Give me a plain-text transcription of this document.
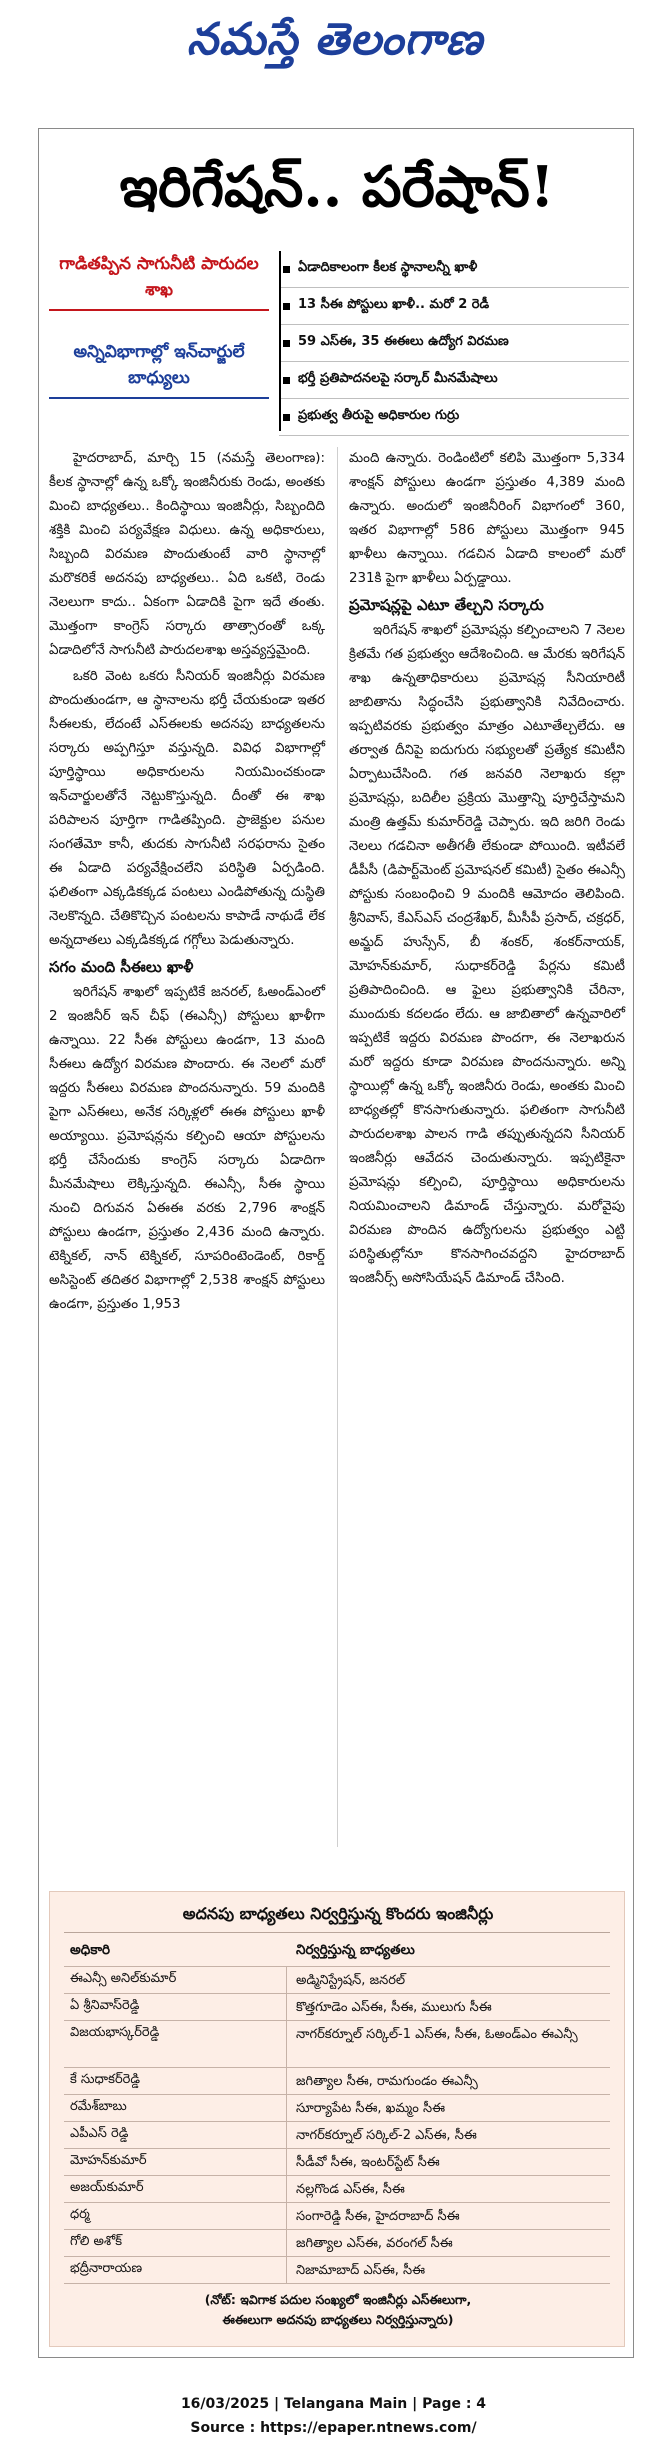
నమస్తే తెలంగాణ
ఇరిగేషన్.. పరేషాన్!
గాడితప్పిన సాగునీటి పారుదల శాఖ
అన్నివిభాగాల్లో ఇన్‌చార్జులే బాధ్యులు
ఏడాదికాలంగా కీలక స్థానాలన్నీ ఖాళీ
13 సీఈ పోస్టులు ఖాళీ.. మరో 2 రెడీ
59 ఎస్‌ఈ, 35 ఈఈలు ఉద్యోగ విరమణ
భర్తీ ప్రతిపాదనలపై సర్కార్ మీనమేషాలు
ప్రభుత్వ తీరుపై అధికారుల గుర్రు

హైదరాబాద్, మార్చి 15 (నమస్తే తెలంగాణ): కీలక స్థానాల్లో ఉన్న ఒక్కో ఇంజినీరుకు రెండు, అంతకు మించి బాధ్యతలు.. కిందిస్థాయి ఇంజినీర్లు, సిబ్బందిది శక్తికి మించి పర్యవేక్షణ విధులు. ఉన్న అధికారులు, సిబ్బంది విరమణ పొందుతుంటే వారి స్థానాల్లో మరొకరికే అదనపు బాధ్యతలు.. ఏది ఒకటి, రెండు నెలలుగా కాదు.. ఏకంగా ఏడాదికి పైగా ఇదే తంతు. మొత్తంగా కాంగ్రెస్ సర్కారు తాత్సారంతో ఒక్క ఏడాదిలోనే సాగునీటి పారుదలశాఖ అస్తవ్యస్తమైంది.

ఒకరి వెంట ఒకరు సీనియర్ ఇంజినీర్లు విరమణ పొందుతుండగా, ఆ స్థానాలను భర్తీ చేయకుండా ఇతర సీఈలకు, లేదంటే ఎస్‌ఈలకు అదనపు బాధ్యతలను సర్కారు అప్పగిస్తూ వస్తున్నది. వివిధ విభాగాల్లో పూర్తిస్థాయి అధికారులను నియమించకుండా ఇన్‌చార్జులతోనే నెట్టుకొస్తున్నది. దీంతో ఈ శాఖ పరిపాలన పూర్తిగా గాడితప్పింది. ప్రాజెక్టుల పనుల సంగతేమో కానీ, తుదకు సాగునీటి సరఫరాను సైతం ఈ ఏడాది పర్యవేక్షించలేని పరిస్థితి ఏర్పడింది. ఫలితంగా ఎక్కడికక్కడ పంటలు ఎండిపోతున్న దుస్థితి నెలకొన్నది. చేతికొచ్చిన పంటలను కాపాడే నాథుడే లేక అన్నదాతలు ఎక్కడికక్కడ గగ్గోలు పెడుతున్నారు.

సగం మంది సీఈలు ఖాళీ

ఇరిగేషన్ శాఖలో ఇప్పటికే జనరల్, ఓఅండ్‌ఎంలో 2 ఇంజినీర్ ఇన్ చీఫ్ (ఈఎన్సీ) పోస్టులు ఖాళీగా ఉన్నాయి. 22 సీఈ పోస్టులు ఉండగా, 13 మంది సీఈలు ఉద్యోగ విరమణ పొందారు. ఈ నెలలో మరో ఇద్దరు సీఈలు విరమణ పొందనున్నారు. 59 మందికి పైగా ఎస్‌ఈలు, అనేక సర్కిళ్లలో ఈఈ పోస్టులు ఖాళీ అయ్యాయి. ప్రమోషన్లను కల్పించి ఆయా పోస్టులను భర్తీ చేసేందుకు కాంగ్రెస్ సర్కారు ఏడాదిగా మీనమేషాలు లెక్కిస్తున్నది. ఈఎన్సీ, సీఈ స్థాయి నుంచి దిగువన ఏఈఈ వరకు 2,796 శాంక్షన్ పోస్టులు ఉండగా, ప్రస్తుతం 2,436 మంది ఉన్నారు. టెక్నికల్, నాన్ టెక్నికల్, సూపరింటెండెంట్, రికార్డ్ అసిస్టెంట్ తదితర విభాగాల్లో 2,538 శాంక్షన్ పోస్టులు ఉండగా, ప్రస్తుతం 1,953

మంది ఉన్నారు. రెండింటిలో కలిపి మొత్తంగా 5,334 శాంక్షన్ పోస్టులు ఉండగా ప్రస్తుతం 4,389 మంది ఉన్నారు. అందులో ఇంజినీరింగ్ విభాగంలో 360, ఇతర విభాగాల్లో 586 పోస్టులు మొత్తంగా 945 ఖాళీలు ఉన్నాయి. గడచిన ఏడాది కాలంలో మరో 231కి పైగా ఖాళీలు ఏర్పడ్డాయి.

ప్రమోషన్లపై ఎటూ తేల్చని సర్కారు

ఇరిగేషన్ శాఖలో ప్రమోషన్లు కల్పించాలని 7 నెలల క్రితమే గత ప్రభుత్వం ఆదేశించింది. ఆ మేరకు ఇరిగేషన్ శాఖ ఉన్నతాధికారులు ప్రమోషన్ల సీనియారిటీ జాబితాను సిద్ధంచేసి ప్రభుత్వానికి నివేదించారు. ఇప్పటివరకు ప్రభుత్వం మాత్రం ఎటూతేల్చలేదు. ఆ తర్వాత దీనిపై ఐదుగురు సభ్యులతో ప్రత్యేక కమిటీని ఏర్పాటుచేసింది. గత జనవరి నెలాఖరు కల్లా ప్రమోషన్లు, బదిలీల ప్రక్రియ మొత్తాన్ని పూర్తిచేస్తామని మంత్రి ఉత్తమ్ కుమార్‌రెడ్డి చెప్పారు. ఇది జరిగి రెండు నెలలు గడచినా అతీగతీ లేకుండా పోయింది. ఇటీవలే డీపీసీ (డిపార్ట్‌మెంట్ ప్రమోషనల్ కమిటీ) సైతం ఈఎన్సీ పోస్టుకు సంబంధించి 9 మందికి ఆమోదం తెలిపింది. శ్రీనివాస్, కేఎస్‌ఎస్ చంద్రశేఖర్, మీసీపీ ప్రసాద్, చక్రధర్, అమ్జద్ హుస్సేన్, బీ శంకర్, శంకర్‌నాయక్, మోహన్‌కుమార్, సుధాకర్‌రెడ్డి పేర్లను కమిటీ ప్రతిపాదించింది. ఆ ఫైలు ప్రభుత్వానికి చేరినా, ముందుకు కదలడం లేదు. ఆ జాబితాలో ఉన్నవారిలో ఇప్పటికే ఇద్దరు విరమణ పొందగా, ఈ నెలాఖరున మరో ఇద్దరు కూడా విరమణ పొందనున్నారు. అన్ని స్థాయిల్లో ఉన్న ఒక్కో ఇంజినీరు రెండు, అంతకు మించి బాధ్యతల్లో కొనసాగుతున్నారు. ఫలితంగా సాగునీటి పారుదలశాఖ పాలన గాడి తప్పుతున్నదని సీనియర్ ఇంజినీర్లు ఆవేదన చెందుతున్నారు. ఇప్పటికైనా ప్రమోషన్లు కల్పించి, పూర్తిస్థాయి అధికారులను నియమించాలని డిమాండ్ చేస్తున్నారు. మరోవైపు విరమణ పొందిన ఉద్యోగులను ప్రభుత్వం ఎట్టి పరిస్థితుల్లోనూ కొనసాగించవద్దని హైదరాబాద్ ఇంజినీర్స్ అసోసియేషన్ డిమాండ్ చేసింది.

అదనపు బాధ్యతలు నిర్వర్తిస్తున్న కొందరు ఇంజినీర్లు
అధికారి	నిర్వర్తిస్తున్న బాధ్యతలు
ఈఎన్సీ అనిల్‌కుమార్	అడ్మినిస్ట్రేషన్, జనరల్
ఏ శ్రీనివాస్‌రెడ్డి	కొత్తగూడెం ఎస్‌ఈ, సీఈ, ములుగు సీఈ
విజయభాస్కర్‌రెడ్డి	నాగర్‌కర్నూల్ సర్కిల్-1 ఎస్‌ఈ, సీఈ, ఓఅండ్‌ఎం ఈఎన్సీ
కే సుధాకర్‌రెడ్డి	జగిత్యాల సీఈ, రామగుండం ఈఎన్సీ
రమేశ్‌బాబు	సూర్యాపేట సీఈ, ఖమ్మం సీఈ
ఎపీఎస్ రెడ్డి	నాగర్‌కర్నూల్ సర్కిల్-2 ఎస్‌ఈ, సీఈ
మోహన్‌కుమార్	సీడీవో సీఈ, ఇంటర్‌స్టేట్ సీఈ
అజయ్‌కుమార్	నల్లగొండ ఎస్‌ఈ, సీఈ
ధర్మ	సంగారెడ్డి సీఈ, హైదరాబాద్ సీఈ
గోలి అశోక్	జగిత్యాల ఎస్‌ఈ, వరంగల్ సీఈ
భద్రీనారాయణ	నిజామాబాద్ ఎస్‌ఈ, సీఈ
(నోట్: ఇవిగాక పదుల సంఖ్యలో ఇంజినీర్లు ఎస్‌ఈలుగా,
ఈఈలుగా అదనపు బాధ్యతలు నిర్వర్తిస్తున్నారు)
16/03/2025 | Telangana Main | Page : 4
Source : https://epaper.ntnews.com/
